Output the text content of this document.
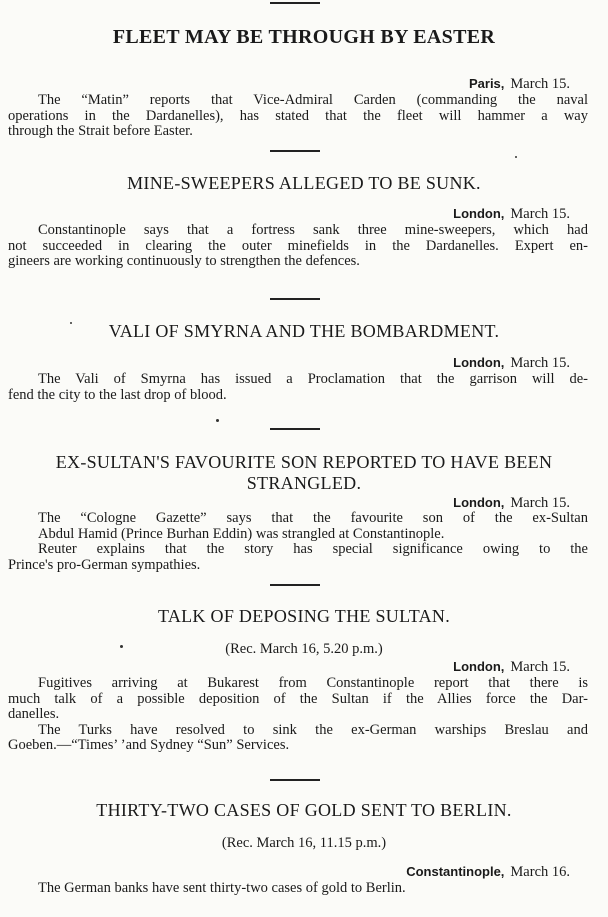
FLEET MAY BE THROUGH BY EASTER
Paris, March 15.
The “Matin” reports that Vice-Admiral Carden (commanding the naval
operations in the Dardanelles), has stated that the fleet will hammer a way
through the Strait before Easter.
MINE-SWEEPERS ALLEGED TO BE SUNK.
London, March 15.
Constantinople says that a fortress sank three mine-sweepers, which had
not succeeded in clearing the outer minefields in the Dardanelles. Expert en-
gineers are working continuously to strengthen the defences.
VALI OF SMYRNA AND THE BOMBARDMENT.
London, March 15.
The Vali of Smyrna has issued a Proclamation that the garrison will de-
fend the city to the last drop of blood.
EX-SULTAN'S FAVOURITE SON REPORTED TO HAVE BEEN
STRANGLED.
London, March 15.
The “Cologne Gazette” says that the favourite son of the ex-Sultan
Abdul Hamid (Prince Burhan Eddin) was strangled at Constantinople.
Reuter explains that the story has special significance owing to the
Prince's pro-German sympathies.
TALK OF DEPOSING THE SULTAN.
(Rec. March 16, 5.20 p.m.)
London, March 15.
Fugitives arriving at Bukarest from Constantinople report that there is
much talk of a possible deposition of the Sultan if the Allies force the Dar-
danelles.
The Turks have resolved to sink the ex-German warships Breslau and
Goeben.—“Times’ ’and Sydney “Sun” Services.
THIRTY-TWO CASES OF GOLD SENT TO BERLIN.
(Rec. March 16, 11.15 p.m.)
Constantinople, March 16.
The German banks have sent thirty-two cases of gold to Berlin.
